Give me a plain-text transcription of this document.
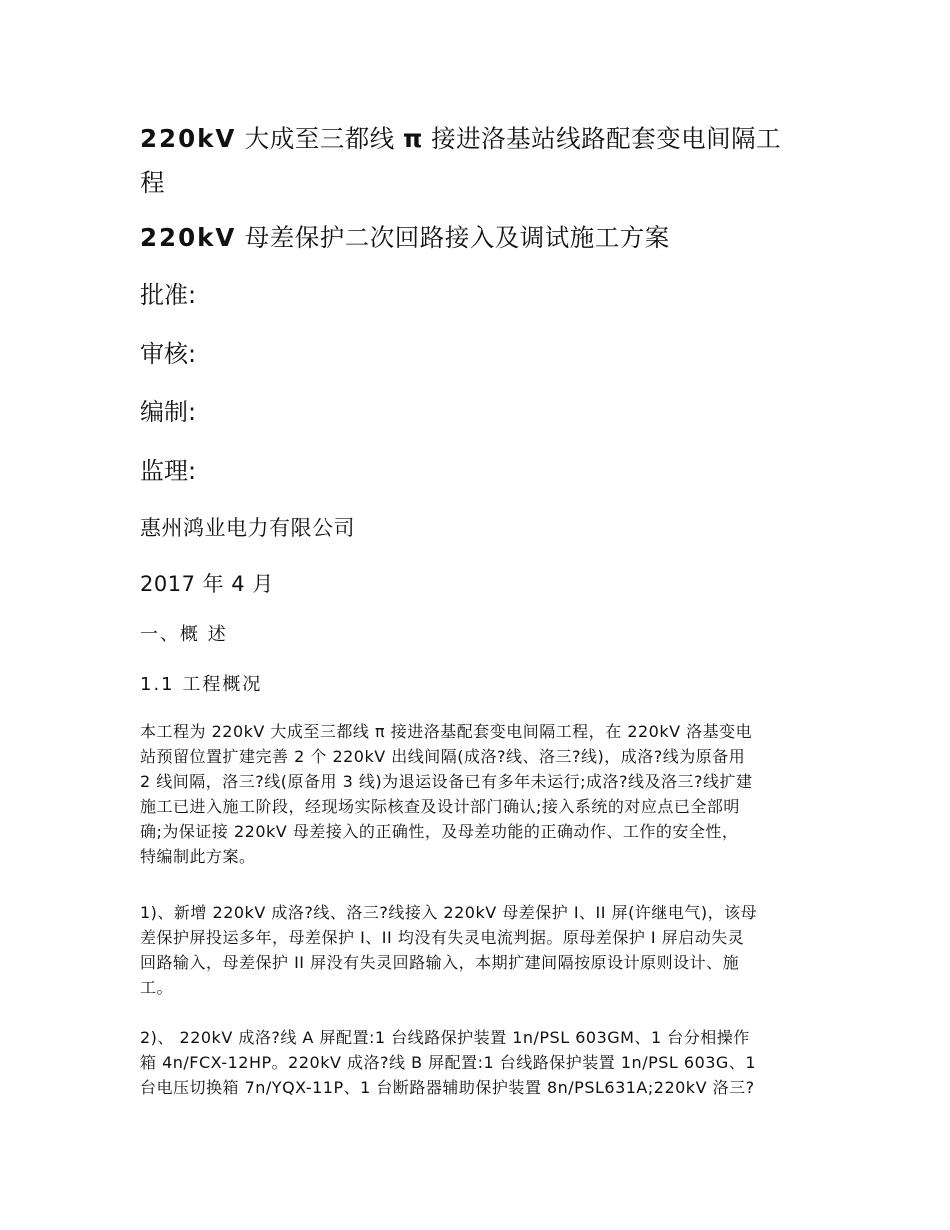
220kV 大成至三都线 π 接进洛基站线路配套变电间隔工
程
220kV 母差保护二次回路接入及调试施工方案
批准:
审核:
编制:
监理:
惠州鸿业电力有限公司
2017 年 4 月
一、概 述
1.1 工程概况
本工程为 220kV 大成至三都线 π 接进洛基配套变电间隔工程，在 220kV 洛基变电
站预留位置扩建完善 2 个 220kV 出线间隔(成洛?线、洛三?线)，成洛?线为原备用
2 线间隔，洛三?线(原备用 3 线)为退运设备已有多年未运行;成洛?线及洛三?线扩建
施工已进入施工阶段，经现场实际核查及设计部门确认;接入系统的对应点已全部明
确;为保证接 220kV 母差接入的正确性，及母差功能的正确动作、工作的安全性，
特编制此方案。
1)、新增 220kV 成洛?线、洛三?线接入 220kV 母差保护 I、II 屏(许继电气)，该母
差保护屏投运多年，母差保护 I、II 均没有失灵电流判据。原母差保护 I 屏启动失灵
回路输入，母差保护 II 屏没有失灵回路输入，本期扩建间隔按原设计原则设计、施
工。
2)、 220kV 成洛?线 A 屏配置:1 台线路保护装置 1n/PSL 603GM、1 台分相操作
箱 4n/FCX-12HP。220kV 成洛?线 B 屏配置:1 台线路保护装置 1n/PSL 603G、1
台电压切换箱 7n/YQX-11P、1 台断路器辅助保护装置 8n/PSL631A;220kV 洛三?
